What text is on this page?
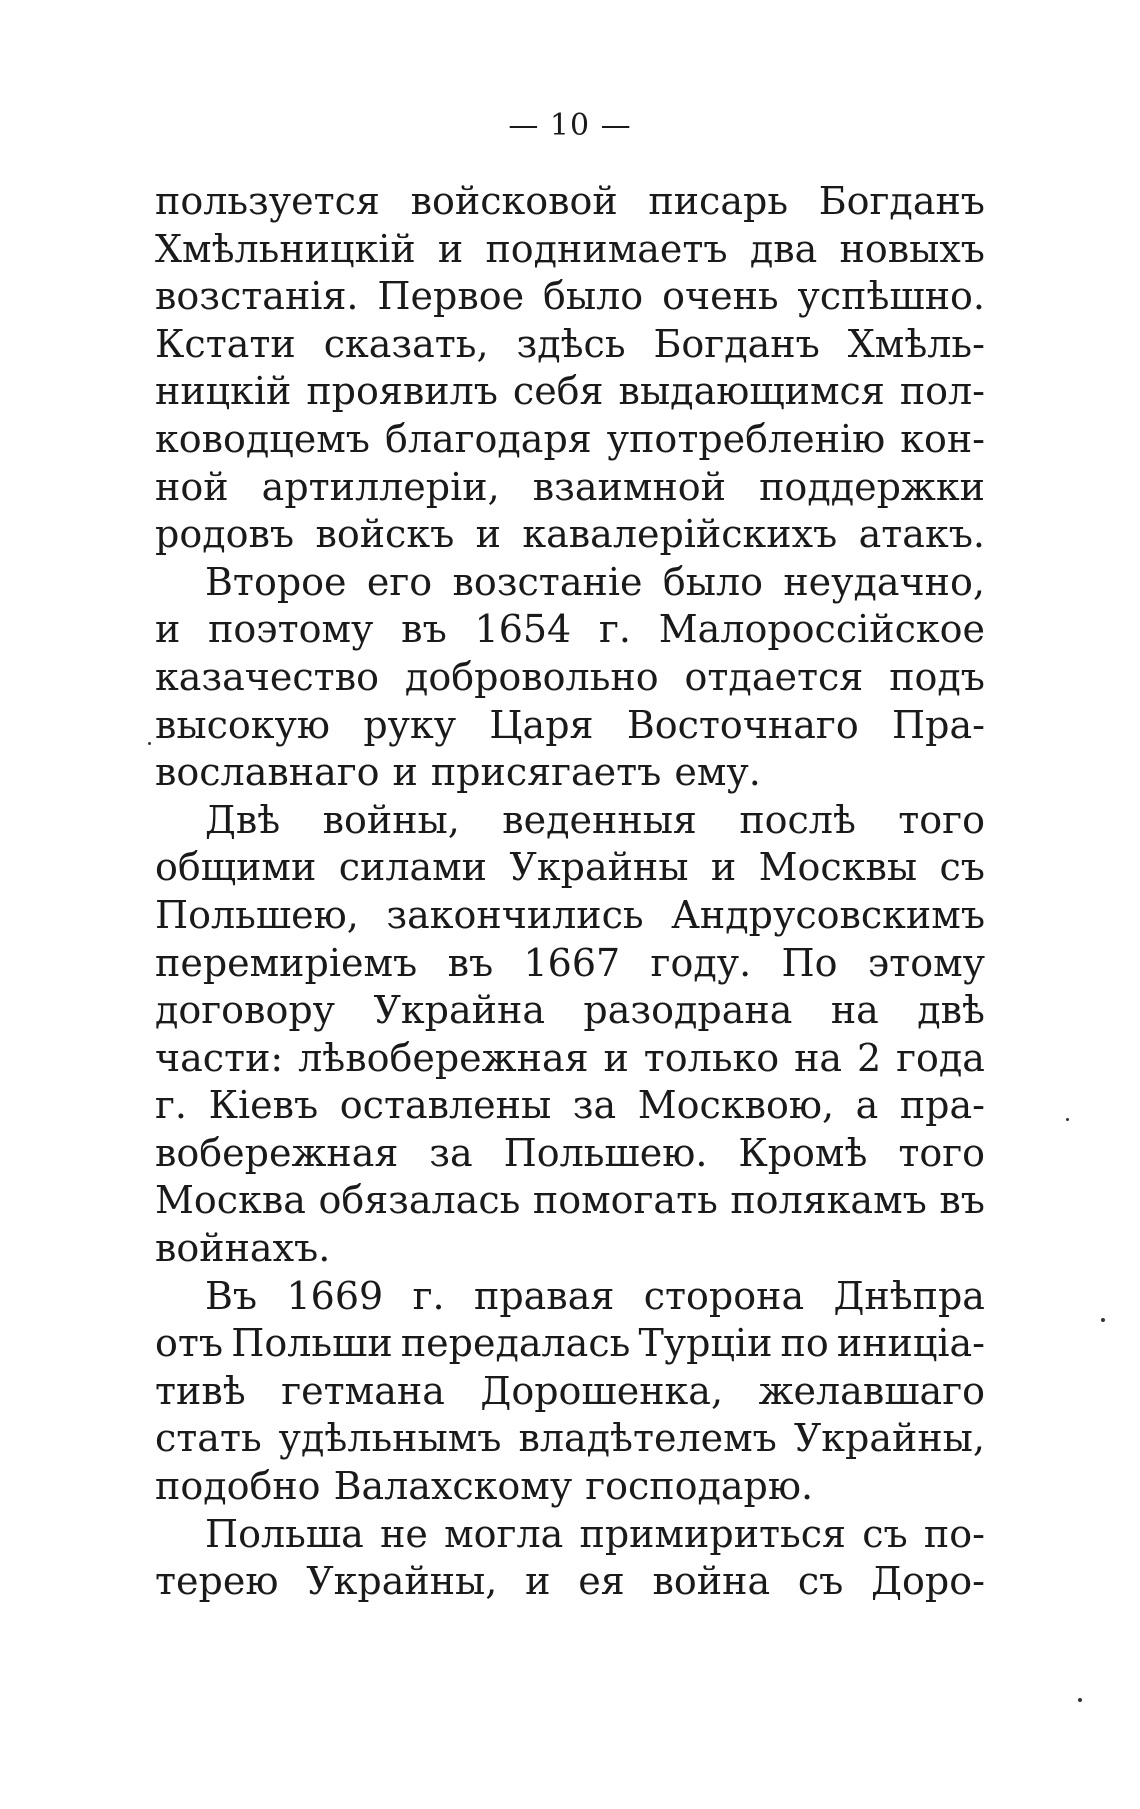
— 10 —
пользуется войсковой писарь Богданъ
Хмѣльницкій и поднимаетъ два новыхъ
возстанія. Первое было очень успѣшно.
Кстати сказать, здѣсь Богданъ Хмѣль-
ницкій проявилъ себя выдающимся пол-
ководцемъ благодаря употребленію кон-
ной артиллеріи, взаимной поддержки
родовъ войскъ и кавалерійскихъ атакъ.
Второе его возстаніе было неудачно,
и поэтому въ 1654 г. Малороссійское
казачество добровольно отдается подъ
высокую руку Царя Восточнаго Пра-
вославнаго и присягаетъ ему.
Двѣ войны, веденныя послѣ того
общими силами Украйны и Москвы съ
Польшею, закончились Андрусовскимъ
перемиріемъ въ 1667 году. По этому
договору Украйна разодрана на двѣ
части: лѣвобережная и только на 2 года
г. Кіевъ оставлены за Москвою, а пра-
вобережная за Польшею. Кромѣ того
Москва обязалась помогать полякамъ въ
войнахъ.
Въ 1669 г. правая сторона Днѣпра
отъ Польши передалась Турціи по иниціа-
тивѣ гетмана Дорошенка, желавшаго
стать удѣльнымъ владѣтелемъ Украйны,
подобно Валахскому господарю.
Польша не могла примириться съ по-
терею Украйны, и ея война съ Доро-
